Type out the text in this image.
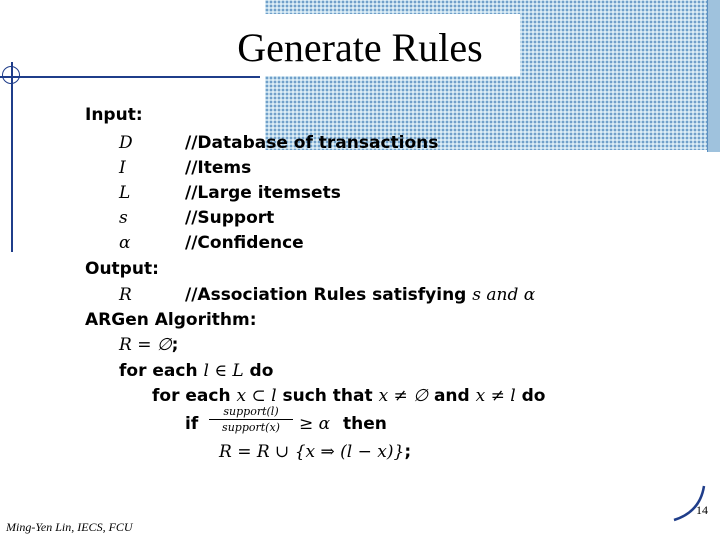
Generate Rules
Input:
D	//Database of transactions
I	//Items
L	//Large itemsets
s	//Support
α	//Confidence
Output:
R	//Association Rules satisfying s and α
ARGen Algorithm:
R = ∅;
for each l ∈ L do
for each x ⊂ l such that x ≠ ∅ and x ≠ l do
if
support(l)
support(x) ≥ α then
R = R ∪ {x ⇒ (l − x)};
Ming-Yen Lin, IECS, FCU
14
